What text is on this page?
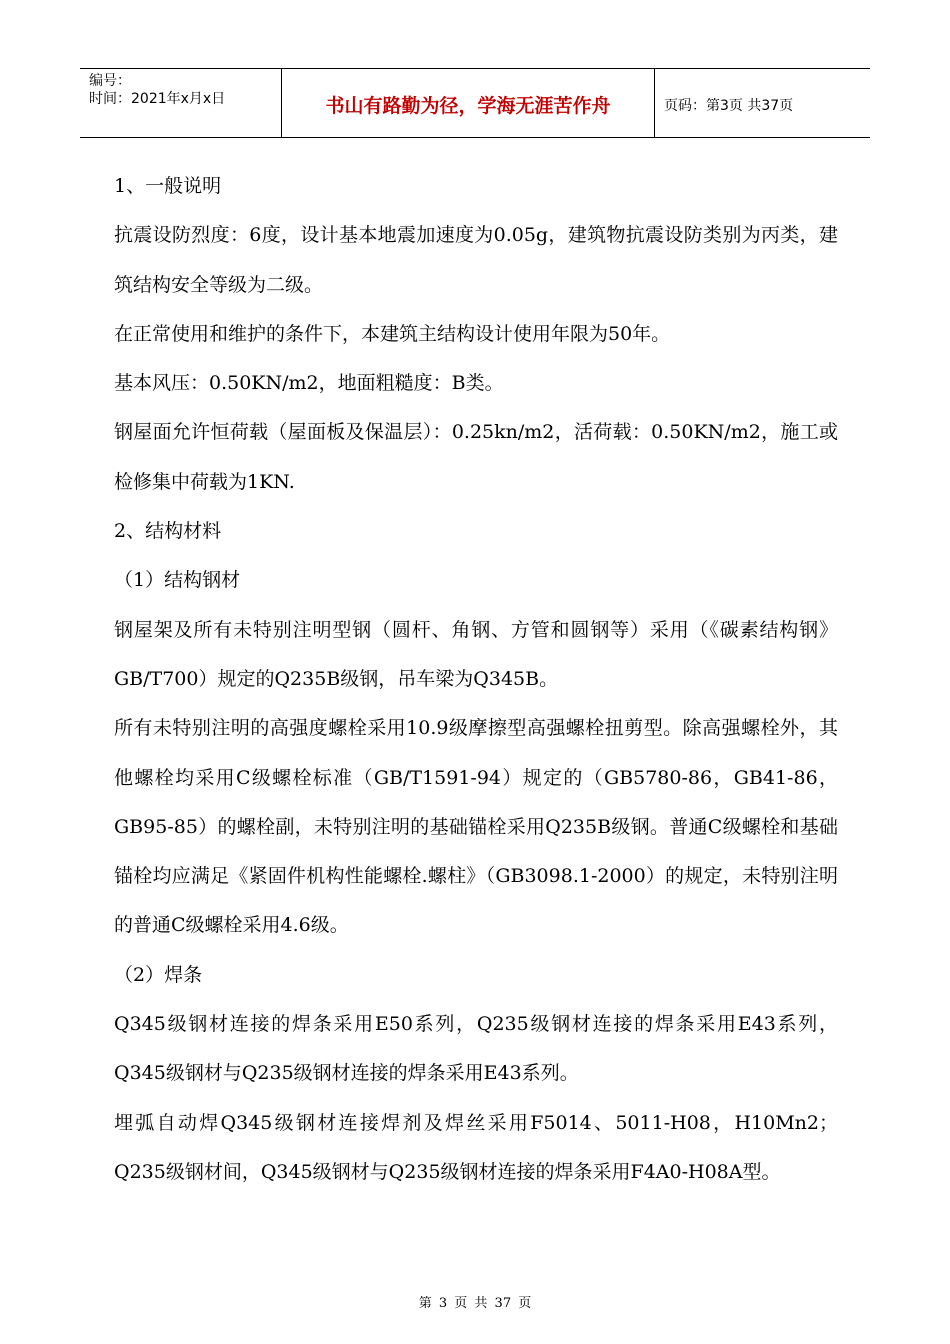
编号：
时间：2021年x月x日	书山有路勤为径，学海无涯苦作舟	页码：第3页 共37页

1、一般说明

抗震设防烈度：6度，设计基本地震加速度为0.05g，建筑物抗震设防类别为丙类，建筑结构安全等级为二级。

在正常使用和维护的条件下，本建筑主结构设计使用年限为50年。

基本风压：0.50KN/m2，地面粗糙度：B类。

钢屋面允许恒荷载（屋面板及保温层）：0.25kn/m2，活荷载：0.50KN/m2，施工或检修集中荷载为1KN.

2、结构材料

（1）结构钢材

钢屋架及所有未特别注明型钢（圆杆、角钢、方管和圆钢等）采用（《碳素结构钢》GB/T700）规定的Q235B级钢，吊车梁为Q345B。

所有未特别注明的高强度螺栓采用10.9级摩擦型高强螺栓扭剪型。除高强螺栓外，其他螺栓均采用C级螺栓标准（GB/T1591-94）规定的（GB5780-86，GB41-86，GB95-85）的螺栓副，未特别注明的基础锚栓采用Q235B级钢。普通C级螺栓和基础锚栓均应满足《紧固件机构性能螺栓.螺柱》（GB3098.1-2000）的规定，未特别注明的普通C级螺栓采用4.6级。

（2）焊条

Q345级钢材连接的焊条采用E50系列，Q235级钢材连接的焊条采用E43系列，Q345级钢材与Q235级钢材连接的焊条采用E43系列。

埋弧自动焊Q345级钢材连接焊剂及焊丝采用F5014、5011-H08，H10Mn2；Q235级钢材间，Q345级钢材与Q235级钢材连接的焊条采用F4A0-H08A型。

第 3 页 共 37 页
